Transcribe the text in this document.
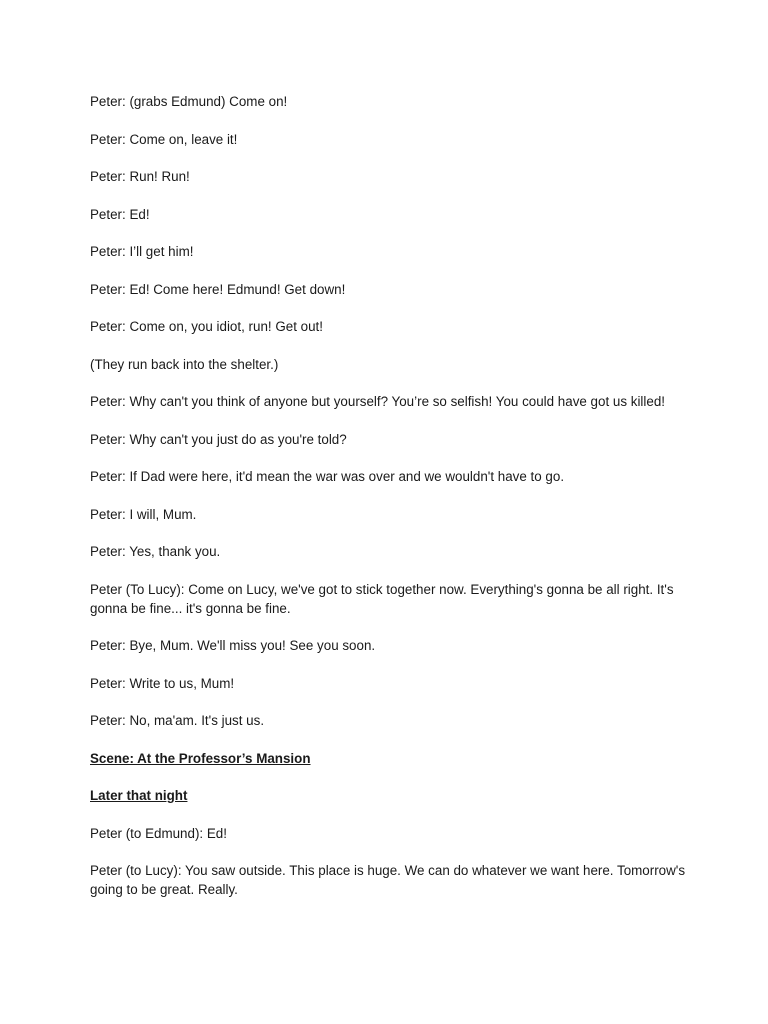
Peter: (grabs Edmund) Come on!

Peter: Come on, leave it!

Peter: Run! Run!

Peter: Ed!

Peter: I’ll get him!

Peter: Ed! Come here! Edmund! Get down!

Peter: Come on, you idiot, run! Get out!

(They run back into the shelter.)

Peter: Why can't you think of anyone but yourself? You’re so selfish! You could have got us killed!

Peter: Why can't you just do as you're told?

Peter: If Dad were here, it'd mean the war was over and we wouldn't have to go.

Peter: I will, Mum.

Peter: Yes, thank you.

Peter (To Lucy): Come on Lucy, we've got to stick together now. Everything's gonna be all right. It's gonna be fine... it's gonna be fine.

Peter: Bye, Mum. We'll miss you! See you soon.

Peter: Write to us, Mum!

Peter: No, ma'am. It's just us.

Scene: At the Professor’s Mansion

Later that night

Peter (to Edmund): Ed!

Peter (to Lucy): You saw outside. This place is huge. We can do whatever we want here. Tomorrow's going to be great. Really.
